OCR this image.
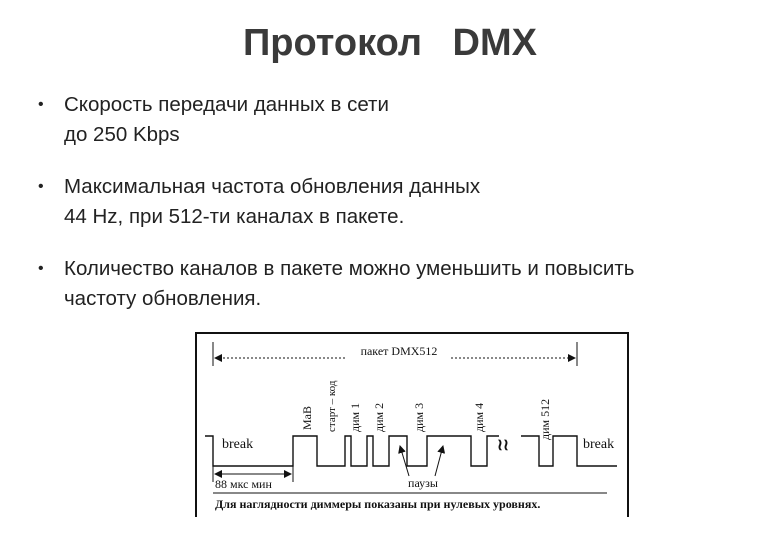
Протокол DMX
• Скорость передачи данных в сети
до 250 Kbps
• Максимальная частота обновления данных
44 Hz, при 512-ти каналах в пакете.
• Количество каналов в пакете можно уменьшить и повысить
частоту обновления.
пакет DMX512
≀≀
break	break
MaB старт – код дим 1 дим 2 дим 3	дим 4	дим 512
паузы
88 мкс мин
Для наглядности диммеры показаны при нулевых уровнях.
